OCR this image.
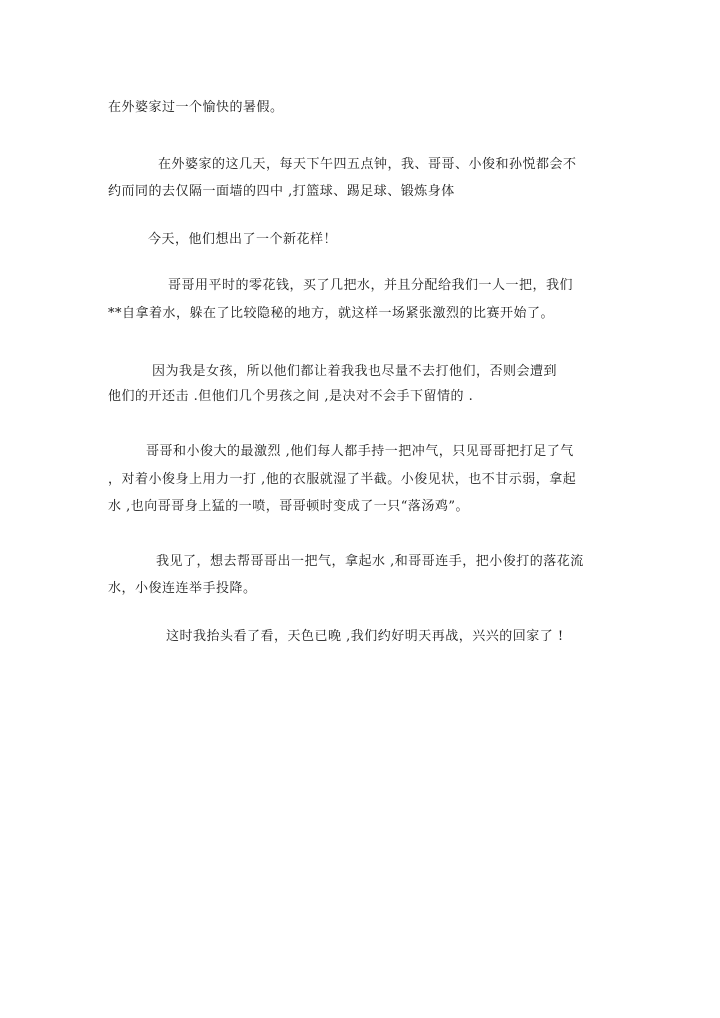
在外婆家过一个愉快的暑假。
在外婆家的这几天，每天下午四五点钟，我、哥哥、小俊和孙悦都会不
约而同的去仅隔一面墙的四中 ,打篮球、踢足球、锻炼身体
今天，他们想出了一个新花样！
哥哥用平时的零花钱，买了几把水，并且分配给我们一人一把，我们
**自拿着水，躲在了比较隐秘的地方，就这样一场紧张激烈的比赛开始了。
因为我是女孩，所以他们都让着我我也尽量不去打他们，否则会遭到
他们的开还击 .但他们几个男孩之间 ,是决对不会手下留情的 .
哥哥和小俊大的最激烈 ,他们每人都手持一把冲气，只见哥哥把打足了气
，对着小俊身上用力一打 ,他的衣服就湿了半截。小俊见状，也不甘示弱，拿起
水 ,也向哥哥身上猛的一喷，哥哥顿时变成了一只“落汤鸡”。
我见了，想去帮哥哥出一把气，拿起水 ,和哥哥连手，把小俊打的落花流
水，小俊连连举手投降。
这时我抬头看了看，天色已晚 ,我们约好明天再战，兴兴的回家了 !
